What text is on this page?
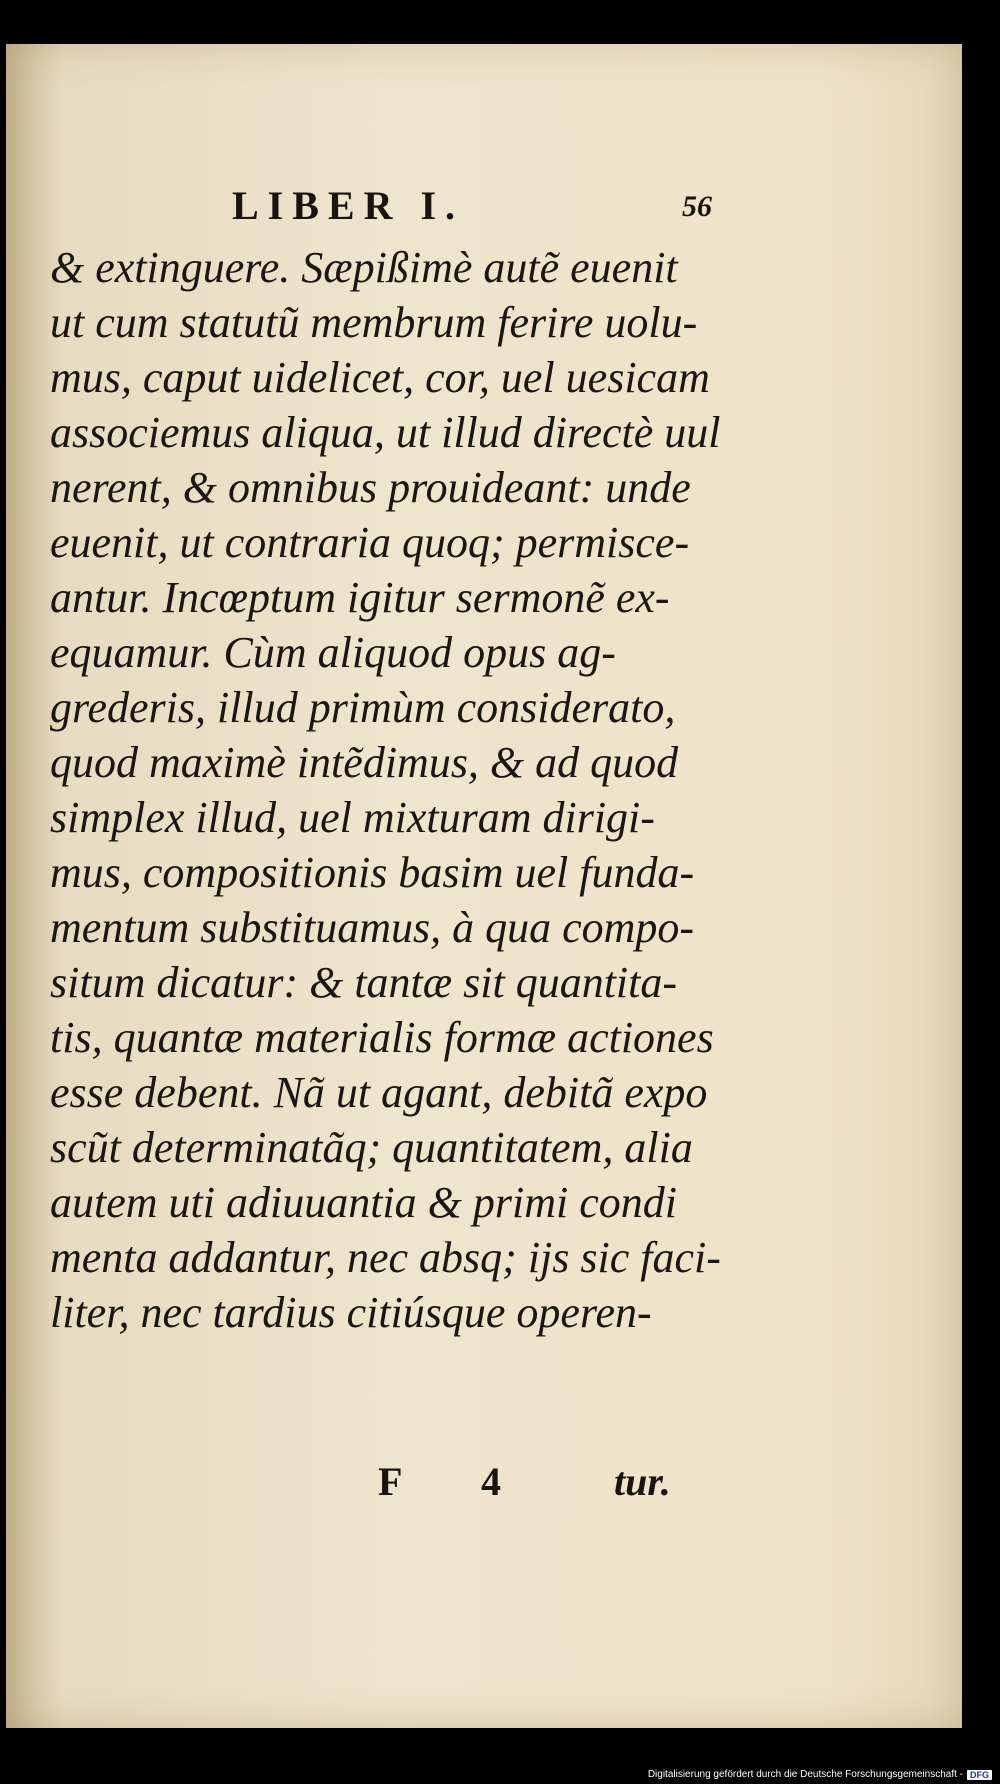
LIBER I.	56
& extinguere. Sæpißimè autẽ euenit
ut cum statutũ membrum ferire uolu-
mus, caput uidelicet, cor, uel uesicam
associemus aliqua, ut illud directè uul
nerent, & omnibus prouideant: unde
euenit, ut contraria quoq; permisce-
antur. Incœptum igitur sermonẽ ex-
equamur. Cùm aliquod opus ag-
grederis, illud primùm considerato,
quod maximè intẽdimus, & ad quod
simplex illud, uel mixturam dirigi-
mus, compositionis basim uel funda-
mentum substituamus, à qua compo-
situm dicatur: & tantæ sit quantita-
tis, quantæ materialis formæ actiones
esse debent. Nã ut agant, debitã expo
scũt determinatãq; quantitatem, alia
autem uti adiuuantia & primi condi
menta addantur, nec absq; ijs sic faci-
liter, nec tardius citiúsque operen-
F 4	tur.
Digitalisierung gefördert durch die Deutsche Forschungsgemeinschaft - DFG
